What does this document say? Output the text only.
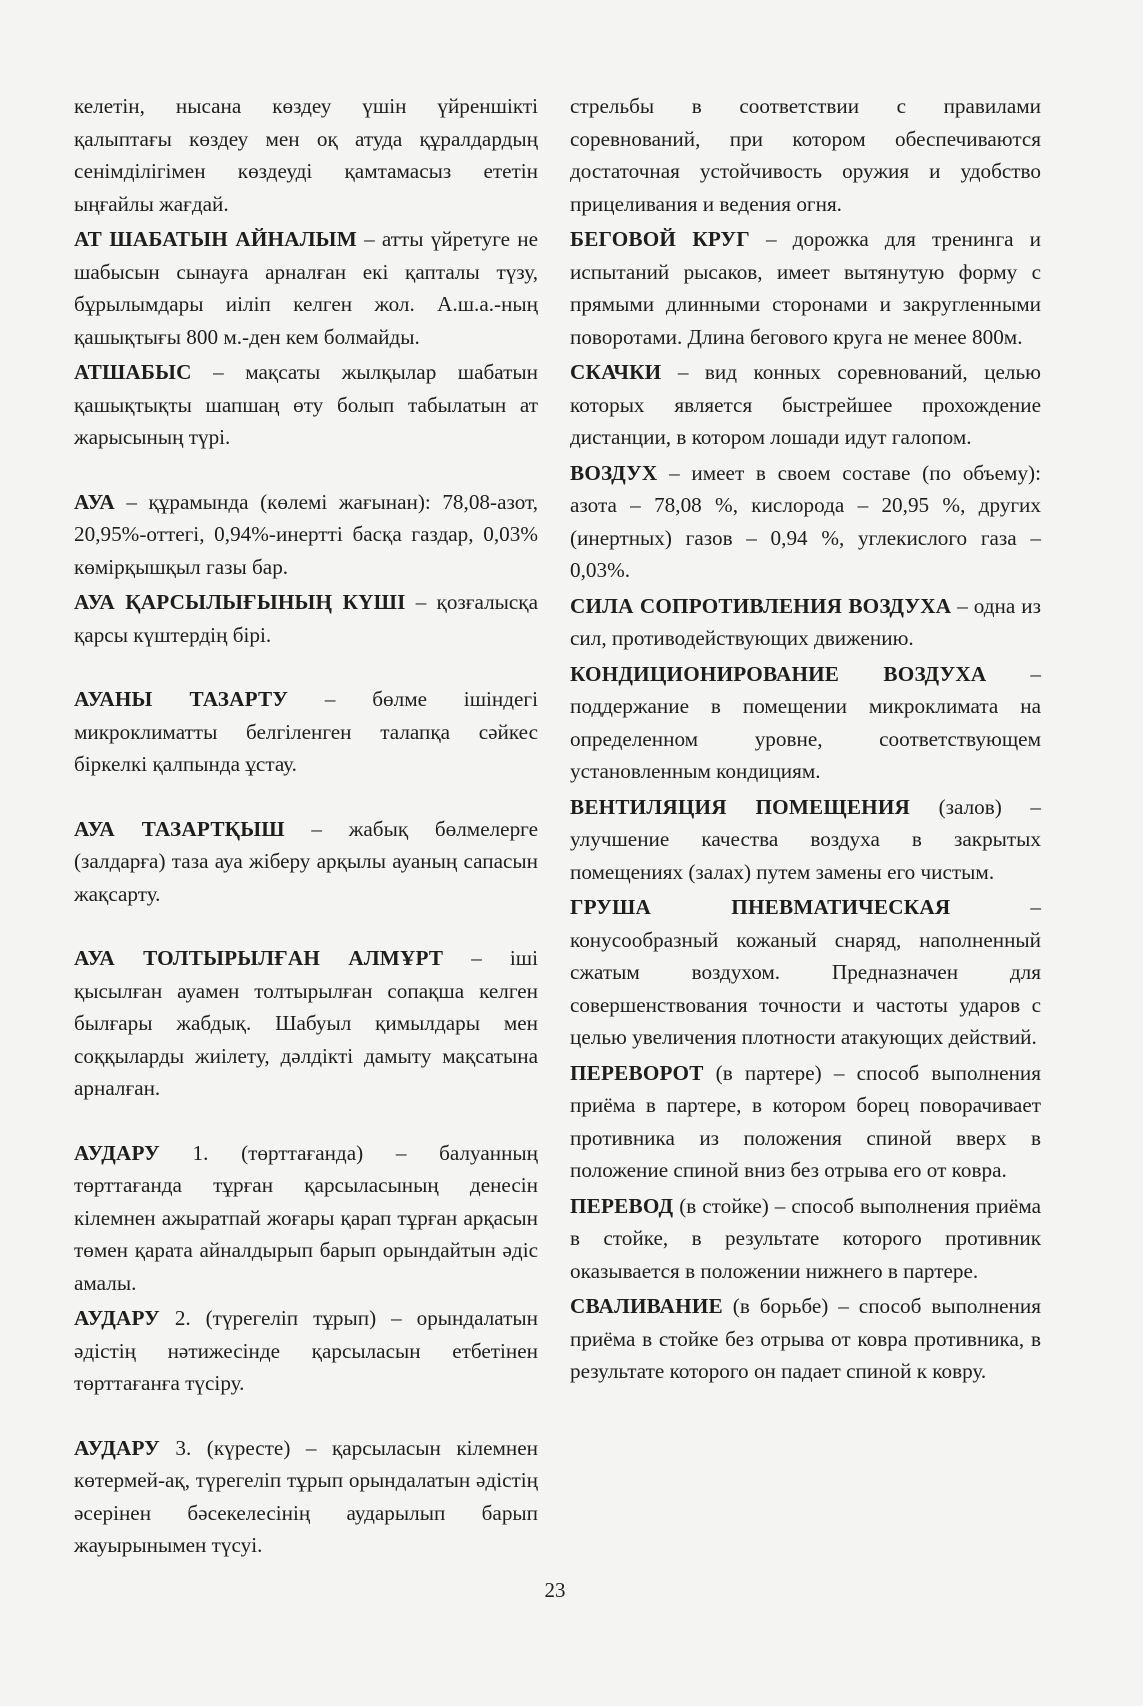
келетін, нысана көздеу үшін үйреншікті қалыптағы көздеу мен оқ атуда құралдардың сенімділігімен көздеуді қамтамасыз ететін ыңғайлы жағдай.

АТ ШАБАТЫН АЙНАЛЫМ – атты үйретуге не шабысын сынауға арналған екі қапталы түзу, бұрылымдары иіліп келген жол. А.ш.а.-ның қашықтығы 800 м.-ден кем болмайды.

АТШАБЫС – мақсаты жылқылар шабатын қашықтықты шапшаң өту болып табылатын ат жарысының түрі.

АУА – құрамында (көлемі жағынан): 78,08-азот, 20,95%-оттегі, 0,94%-инертті басқа газдар, 0,03% көмірқышқыл газы бар.

АУА ҚАРСЫЛЫҒЫНЫҢ КҮШІ – қозғалысқа қарсы күштердің бірі.

АУАНЫ ТАЗАРТУ – бөлме ішіндегі микроклиматты белгіленген талапқа сәйкес біркелкі қалпында ұстау.

АУА ТАЗАРТҚЫШ – жабық бөлмелерге (залдарға) таза ауа жіберу арқылы ауаның сапасын жақсарту.

АУА ТОЛТЫРЫЛҒАН АЛМҰРТ – іші қысылған ауамен толтырылған сопақша келген былғары жабдық. Шабуыл қимылдары мен соққыларды жиілету, дәлдікті дамыту мақсатына арналған.

АУДАРУ 1. (төрттағанда) – балуанның төрттағанда тұрған қарсыласының денесін кілемнен ажыратпай жоғары қарап тұрған арқасын төмен қарата айналдырып барып орындайтын әдіс амалы.

АУДАРУ 2. (түрегеліп тұрып) – орындалатын әдістің нәтижесінде қарсыласын етбетінен төрттағанға түсіру.

АУДАРУ 3. (күресте) – қарсыласын кілемнен көтермей-ақ, түрегеліп тұрып орындалатын әдістің әсерінен бәсекелесінің аударылып барып жауырынымен түсуі.

стрельбы в соответствии с правилами соревнований, при котором обеспечиваются достаточная устойчивость оружия и удобство прицеливания и ведения огня.

БЕГОВОЙ КРУГ – дорожка для тренинга и испытаний рысаков, имеет вытянутую форму с прямыми длинными сторонами и закругленными поворотами. Длина бегового круга не менее 800м.

СКАЧКИ – вид конных соревнований, целью которых является быстрейшее прохождение дистанции, в котором лошади идут галопом.

ВОЗДУХ – имеет в своем составе (по объему): азота – 78,08 %, кислорода – 20,95 %, других (инертных) газов – 0,94 %, углекислого газа – 0,03%.

СИЛА СОПРОТИВЛЕНИЯ ВОЗДУХА – одна из сил, противодействующих движению.

КОНДИЦИОНИРОВАНИЕ ВОЗДУХА – поддержание в помещении микроклимата на определенном уровне, соответствующем установленным кондициям.

ВЕНТИЛЯЦИЯ ПОМЕЩЕНИЯ (залов) – улучшение качества воздуха в закрытых помещениях (залах) путем замены его чистым.

ГРУША ПНЕВМАТИЧЕСКАЯ – конусообразный кожаный снаряд, наполненный сжатым воздухом. Предназначен для совершенствования точности и частоты ударов с целью увеличения плотности атакующих действий.

ПЕРЕВОРОТ (в партере) – способ выполнения приёма в партере, в котором борец поворачивает противника из положения спиной вверх в положение спиной вниз без отрыва его от ковра.

ПЕРЕВОД (в стойке) – способ выполнения приёма в стойке, в результате которого противник оказывается в положении нижнего в партере.

СВАЛИВАНИЕ (в борьбе) – способ выполнения приёма в стойке без отрыва от ковра противника, в результате которого он падает спиной к ковру.

23
